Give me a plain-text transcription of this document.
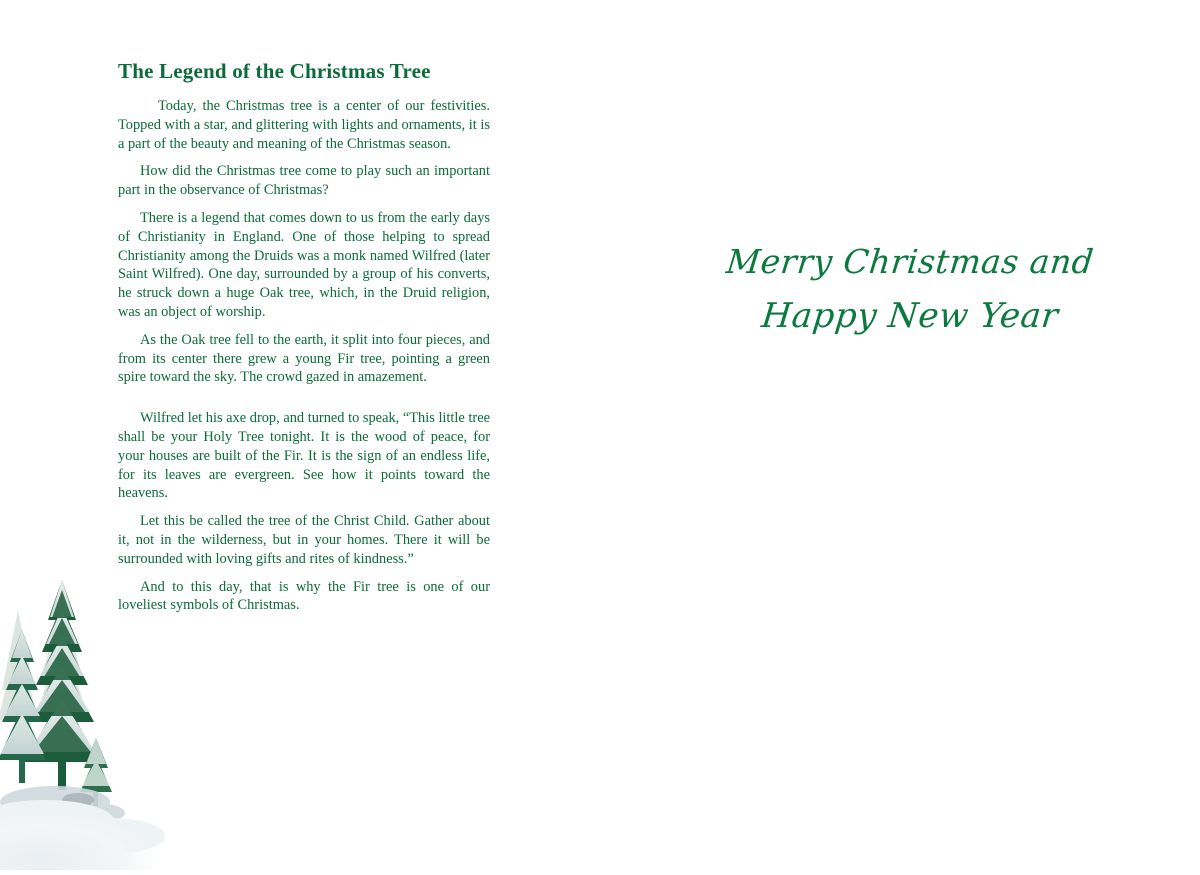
The Legend of the Christmas Tree

Today, the Christmas tree is a center of our festivities. Topped with a star, and glittering with lights and ornaments, it is a part of the beauty and meaning of the Christmas season.

How did the Christmas tree come to play such an important part in the observance of Christmas?

There is a legend that comes down to us from the early days of Christianity in England. One of those helping to spread Christianity among the Druids was a monk named Wilfred (later Saint Wilfred). One day, surrounded by a group of his converts, he struck down a huge Oak tree, which, in the Druid religion, was an object of worship.

As the Oak tree fell to the earth, it split into four pieces, and from its center there grew a young Fir tree, pointing a green spire toward the sky. The crowd gazed in amazement.

Wilfred let his axe drop, and turned to speak, “This little tree shall be your Holy Tree tonight. It is the wood of peace, for your houses are built of the Fir. It is the sign of an endless life, for its leaves are evergreen. See how it points toward the heavens.

Let this be called the tree of the Christ Child. Gather about it, not in the wilderness, but in your homes. There it will be surrounded with loving gifts and rites of kindness.”

And to this day, that is why the Fir tree is one of our loveliest symbols of Christmas.

Merry Christmas and
Happy New Year
